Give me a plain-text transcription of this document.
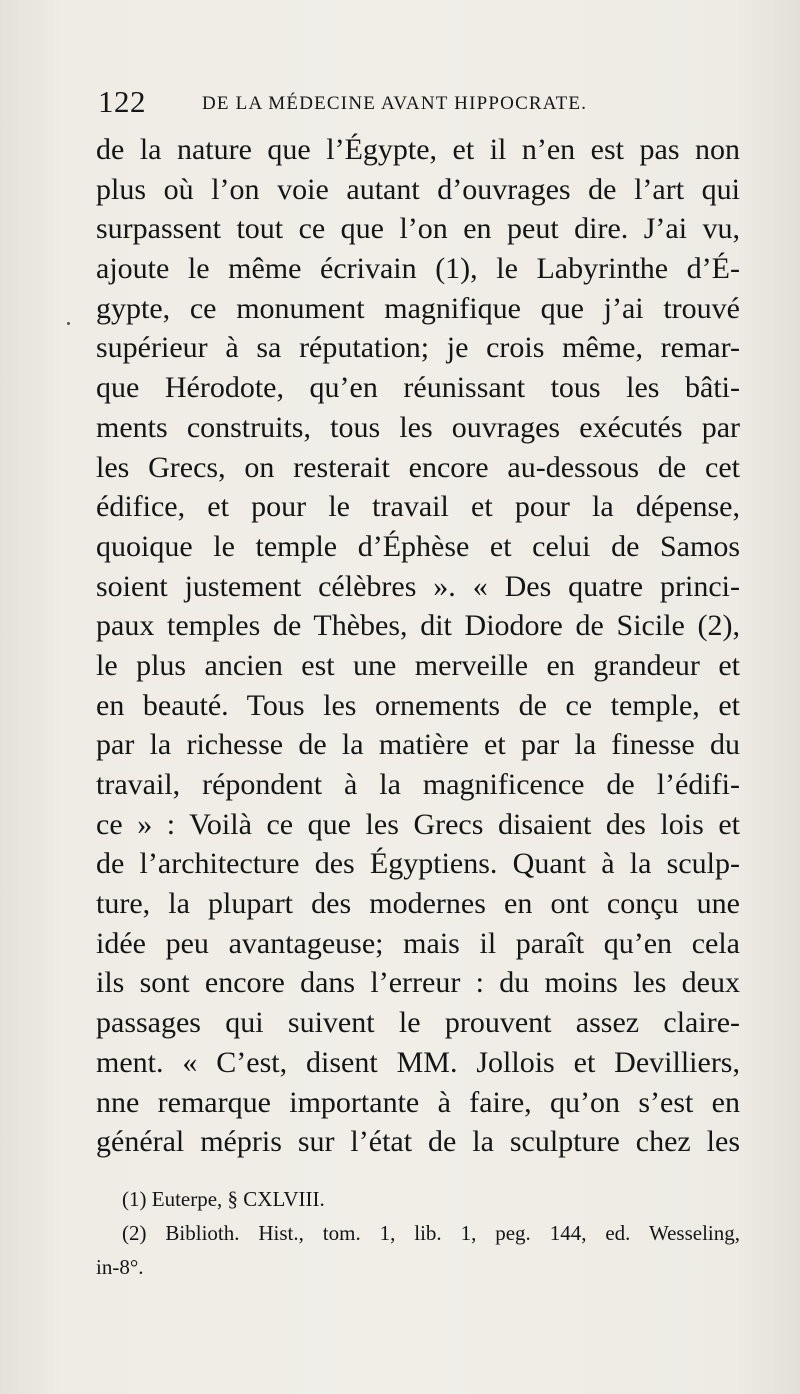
122	DE LA MÉDECINE AVANT HIPPOCRATE.
de la nature que l’Égypte, et il n’en est pas non
plus où l’on voie autant d’ouvrages de l’art qui
surpassent tout ce que l’on en peut dire. J’ai vu,
ajoute le même écrivain (1), le Labyrinthe d’É-
gypte, ce monument magnifique que j’ai trouvé
supérieur à sa réputation; je crois même, remar-
que Hérodote, qu’en réunissant tous les bâti-
ments construits, tous les ouvrages exécutés par
les Grecs, on resterait encore au-dessous de cet
édifice, et pour le travail et pour la dépense,
quoique le temple d’Éphèse et celui de Samos
soient justement célèbres ». « Des quatre princi-
paux temples de Thèbes, dit Diodore de Sicile (2),
le plus ancien est une merveille en grandeur et
en beauté. Tous les ornements de ce temple, et
par la richesse de la matière et par la finesse du
travail, répondent à la magnificence de l’édifi-
ce » : Voilà ce que les Grecs disaient des lois et
de l’architecture des Égyptiens. Quant à la sculp-
ture, la plupart des modernes en ont conçu une
idée peu avantageuse; mais il paraît qu’en cela
ils sont encore dans l’erreur : du moins les deux
passages qui suivent le prouvent assez claire-
ment. « C’est, disent MM. Jollois et Devilliers,
nne remarque importante à faire, qu’on s’est en
général mépris sur l’état de la sculpture chez les
(1) Euterpe, § CXLVIII.
(2) Biblioth. Hist., tom. 1, lib. 1, peg. 144, ed. Wesseling,
in-8°.
